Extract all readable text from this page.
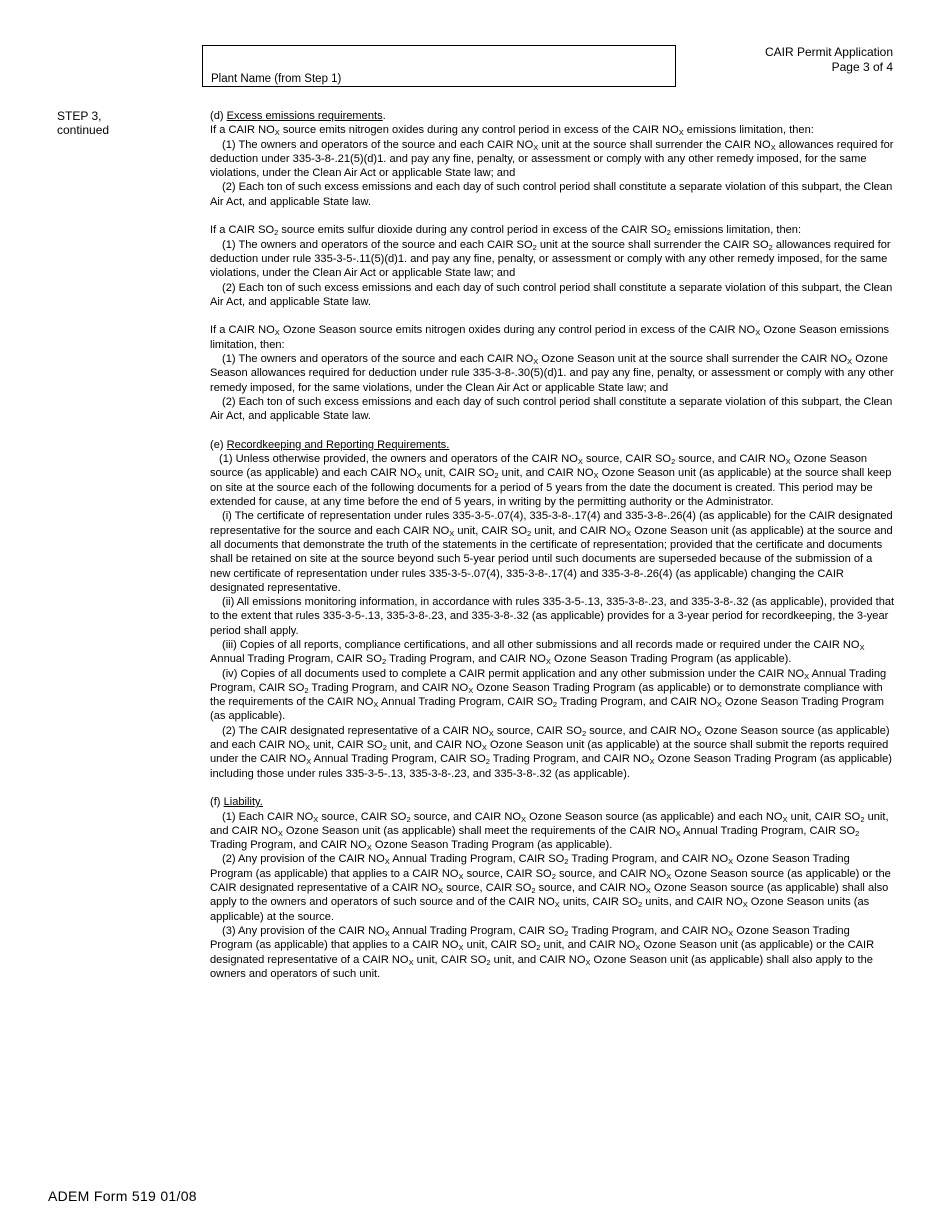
Plant Name (from Step 1)
CAIR Permit Application
Page 3 of 4
STEP 3,
continued

(d) Excess emissions requirements.

If a CAIR $NO_X$ source emits nitrogen oxides during any control period in excess of the CAIR $NO_X$ emissions limitation, then:

(1) The owners and operators of the source and each CAIR $NO_X$ unit at the source shall surrender the CAIR $NO_X$ allowances required for deduction under 335-3-8-.21(5)(d)1. and pay any fine, penalty, or assessment or comply with any other remedy imposed, for the same violations, under the Clean Air Act or applicable State law; and

(2) Each ton of such excess emissions and each day of such control period shall constitute a separate violation of this subpart, the Clean Air Act, and applicable State law.

If a CAIR $SO_2$ source emits sulfur dioxide during any control period in excess of the CAIR $SO_2$ emissions limitation, then:

(1) The owners and operators of the source and each CAIR $SO_2$ unit at the source shall surrender the CAIR $SO_2$ allowances required for deduction under rule 335-3-5-.11(5)(d)1. and pay any fine, penalty, or assessment or comply with any other remedy imposed, for the same violations, under the Clean Air Act or applicable State law; and

(2) Each ton of such excess emissions and each day of such control period shall constitute a separate violation of this subpart, the Clean Air Act, and applicable State law.

If a CAIR $NO_X$ Ozone Season source emits nitrogen oxides during any control period in excess of the CAIR $NO_X$ Ozone Season emissions limitation, then:

(1) The owners and operators of the source and each CAIR $NO_X$ Ozone Season unit at the source shall surrender the CAIR $NO_X$ Ozone Season allowances required for deduction under rule 335-3-8-.30(5)(d)1. and pay any fine, penalty, or assessment or comply with any other remedy imposed, for the same violations, under the Clean Air Act or applicable State law; and

(2) Each ton of such excess emissions and each day of such control period shall constitute a separate violation of this subpart, the Clean Air Act, and applicable State law.

(e) Recordkeeping and Reporting Requirements.

(1) Unless otherwise provided, the owners and operators of the CAIR $NO_X$ source, CAIR $SO_2$ source, and CAIR $NO_X$ Ozone Season source (as applicable) and each CAIR $NO_X$ unit, CAIR $SO_2$ unit, and CAIR $NO_X$ Ozone Season unit (as applicable) at the source shall keep on site at the source each of the following documents for a period of 5 years from the date the document is created. This period may be extended for cause, at any time before the end of 5 years, in writing by the permitting authority or the Administrator.

(i) The certificate of representation under rules 335-3-5-.07(4), 335-3-8-.17(4) and 335-3-8-.26(4) (as applicable) for the CAIR designated representative for the source and each CAIR $NO_X$ unit, CAIR $SO_2$ unit, and CAIR $NO_X$ Ozone Season unit (as applicable) at the source and all documents that demonstrate the truth of the statements in the certificate of representation; provided that the certificate and documents shall be retained on site at the source beyond such 5-year period until such documents are superseded because of the submission of a new certificate of representation under rules 335-3-5-.07(4), 335-3-8-.17(4) and 335-3-8-.26(4) (as applicable) changing the CAIR designated representative.

(ii) All emissions monitoring information, in accordance with rules 335-3-5-.13, 335-3-8-.23, and 335-3-8-.32 (as applicable), provided that to the extent that rules 335-3-5-.13, 335-3-8-.23, and 335-3-8-.32 (as applicable) provides for a 3-year period for recordkeeping, the 3-year period shall apply.

(iii) Copies of all reports, compliance certifications, and all other submissions and all records made or required under the CAIR $NO_X$ Annual Trading Program, CAIR $SO_2$ Trading Program, and CAIR $NO_X$ Ozone Season Trading Program (as applicable).

(iv) Copies of all documents used to complete a CAIR permit application and any other submission under the CAIR $NO_X$ Annual Trading Program, CAIR $SO_2$ Trading Program, and CAIR $NO_X$ Ozone Season Trading Program (as applicable) or to demonstrate compliance with the requirements of the CAIR $NO_X$ Annual Trading Program, CAIR $SO_2$ Trading Program, and CAIR $NO_X$ Ozone Season Trading Program (as applicable).

(2) The CAIR designated representative of a CAIR $NO_X$ source, CAIR $SO_2$ source, and CAIR $NO_X$ Ozone Season source (as applicable) and each CAIR $NO_X$ unit, CAIR $SO_2$ unit, and CAIR $NO_X$ Ozone Season unit (as applicable) at the source shall submit the reports required under the CAIR $NO_X$ Annual Trading Program, CAIR $SO_2$ Trading Program, and CAIR $NO_X$ Ozone Season Trading Program (as applicable) including those under rules 335-3-5-.13, 335-3-8-.23, and 335-3-8-.32 (as applicable).

(f) Liability.

(1) Each CAIR $NO_X$ source, CAIR $SO_2$ source, and CAIR $NO_X$ Ozone Season source (as applicable) and each $NO_X$ unit, CAIR $SO_2$ unit, and CAIR $NO_X$ Ozone Season unit (as applicable) shall meet the requirements of the CAIR $NO_X$ Annual Trading Program, CAIR $SO_2$ Trading Program, and CAIR $NO_X$ Ozone Season Trading Program (as applicable).

(2) Any provision of the CAIR $NO_X$ Annual Trading Program, CAIR $SO_2$ Trading Program, and CAIR $NO_X$ Ozone Season Trading Program (as applicable) that applies to a CAIR $NO_X$ source, CAIR $SO_2$ source, and CAIR $NO_X$ Ozone Season source (as applicable) or the CAIR designated representative of a CAIR $NO_X$ source, CAIR $SO_2$ source, and CAIR $NO_X$ Ozone Season source (as applicable) shall also apply to the owners and operators of such source and of the CAIR $NO_X$ units, CAIR $SO_2$ units, and CAIR $NO_X$ Ozone Season units (as applicable) at the source.

(3) Any provision of the CAIR $NO_X$ Annual Trading Program, CAIR $SO_2$ Trading Program, and CAIR $NO_X$ Ozone Season Trading Program (as applicable) that applies to a CAIR $NO_X$ unit, CAIR $SO_2$ unit, and CAIR $NO_X$ Ozone Season unit (as applicable) or the CAIR designated representative of a CAIR $NO_X$ unit, CAIR $SO_2$ unit, and CAIR $NO_X$ Ozone Season unit (as applicable) shall also apply to the owners and operators of such unit.

ADEM Form 519 01/08
